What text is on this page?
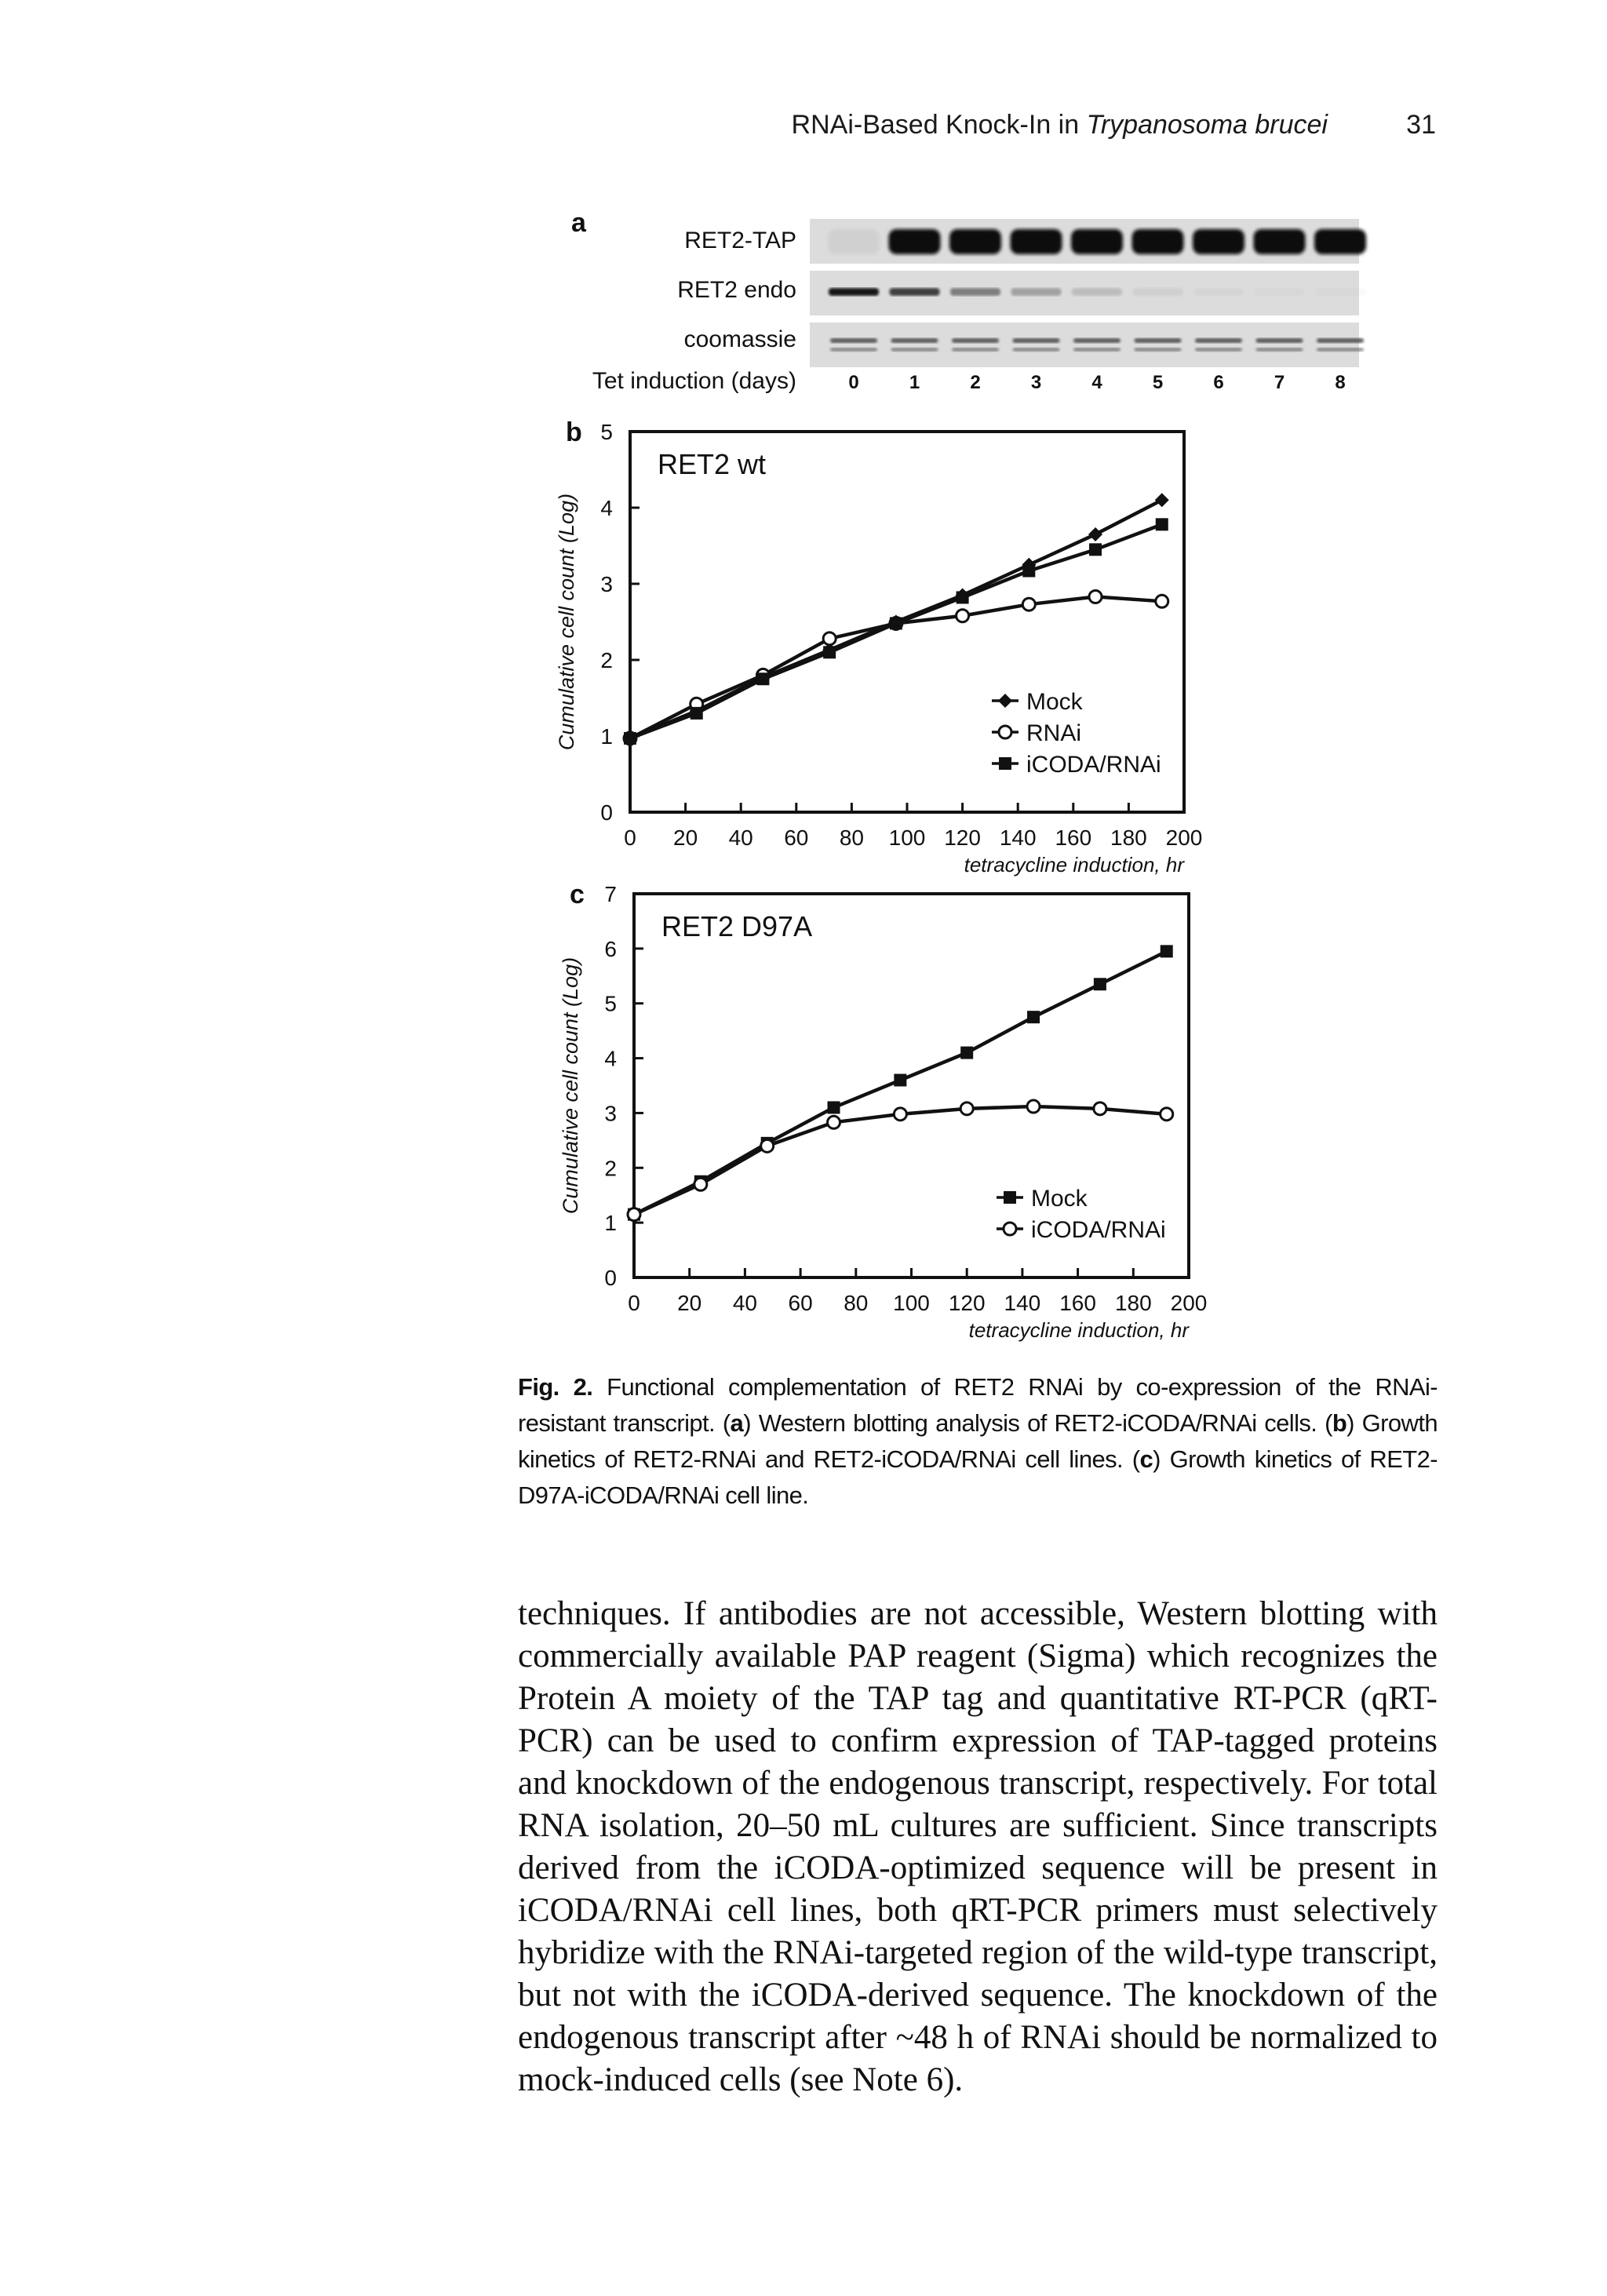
RNAi-Based Knock-In in Trypanosoma brucei	31
a
RET2-TAP
RET2 endo
coomassie
Tet induction (days)	0	1	2	3	4	5	6	7	8
b
RET2 wt
0
1
2
3
4
5
0 20 40 60 80 100 120 140 160 180 200
tetracycline induction, hr
Cumulative cell count (Log)	Mock
RNAi
iCODA/RNAi
c
RET2 D97A
0
1
2
3
4
5
6
7
0 20 40 60 80 100 120 140 160 180 200
tetracycline induction, hr
Cumulative cell count (Log)	Mock
iCODA/RNAi
Fig. 2. Functional complementation of RET2 RNAi by co-expression of the RNAi-resistant transcript. (a) Western blotting analysis of RET2-iCODA/RNAi cells. (b) Growth kinetics of RET2-RNAi and RET2-iCODA/RNAi cell lines. (c) Growth kinetics of RET2-D97A-iCODA/RNAi cell line.

techniques. If antibodies are not accessible, Western blotting with commercially available PAP reagent (Sigma) which recognizes the Protein A moiety of the TAP tag and quantitative RT-PCR (qRT-PCR) can be used to confirm expression of TAP-tagged proteins and knockdown of the endogenous transcript, respectively. For total RNA isolation, 20–50 mL cultures are sufficient. Since transcripts derived from the iCODA-optimized sequence will be present in iCODA/RNAi cell lines, both qRT-PCR primers must selectively hybridize with the RNAi-targeted region of the wild-type transcript, but not with the iCODA-derived sequence. The knockdown of the endogenous transcript after ~48 h of RNAi should be normalized to mock-induced cells (see Note 6).
